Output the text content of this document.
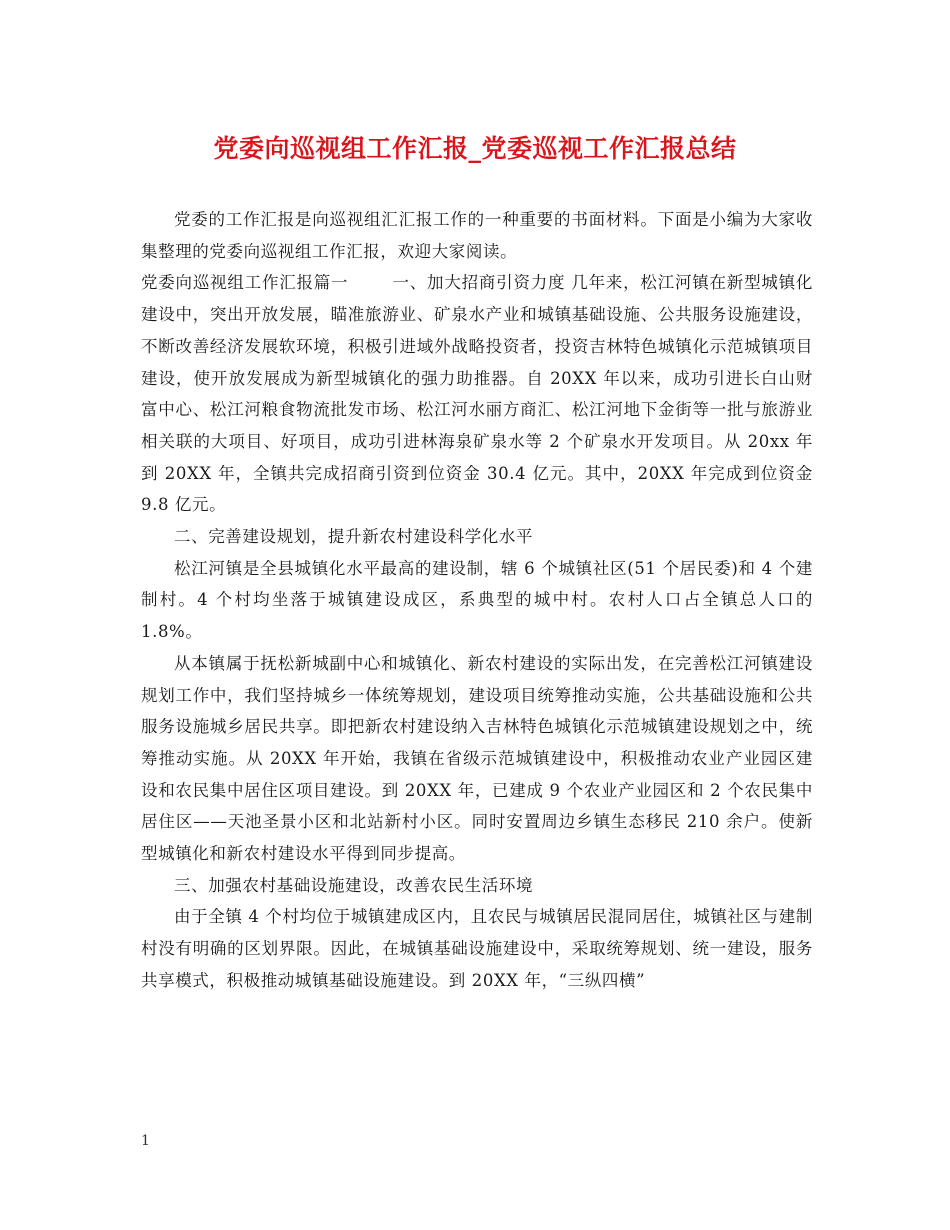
党委向巡视组工作汇报_党委巡视工作汇报总结

党委的工作汇报是向巡视组汇汇报工作的一种重要的书面材料。下面是小编为大家收集整理的党委向巡视组工作汇报，欢迎大家阅读。

党委向巡视组工作汇报篇一	一、加大招商引资力度 几年来，松江河镇在新型城镇化建设中，突出开放发展，瞄准旅游业、矿泉水产业和城镇基础设施、公共服务设施建设，不断改善经济发展软环境，积极引进域外战略投资者，投资吉林特色城镇化示范城镇项目建设，使开放发展成为新型城镇化的强力助推器。自 20XX 年以来，成功引进长白山财富中心、松江河粮食物流批发市场、松江河水丽方商汇、松江河地下金街等一批与旅游业相关联的大项目、好项目，成功引进林海泉矿泉水等 2 个矿泉水开发项目。从 20xx 年到 20XX 年，全镇共完成招商引资到位资金 30.4 亿元。其中，20XX 年完成到位资金 9.8 亿元。

二、完善建设规划，提升新农村建设科学化水平

松江河镇是全县城镇化水平最高的建设制，辖 6 个城镇社区(51 个居民委)和 4 个建制村。4 个村均坐落于城镇建设成区，系典型的城中村。农村人口占全镇总人口的 1.8%。

从本镇属于抚松新城副中心和城镇化、新农村建设的实际出发，在完善松江河镇建设规划工作中，我们坚持城乡一体统筹规划，建设项目统筹推动实施，公共基础设施和公共服务设施城乡居民共享。即把新农村建设纳入吉林特色城镇化示范城镇建设规划之中，统筹推动实施。从 20XX 年开始，我镇在省级示范城镇建设中，积极推动农业产业园区建设和农民集中居住区项目建设。到 20XX 年，已建成 9 个农业产业园区和 2 个农民集中居住区——天池圣景小区和北站新村小区。同时安置周边乡镇生态移民 210 余户。使新型城镇化和新农村建设水平得到同步提高。

三、加强农村基础设施建设，改善农民生活环境

由于全镇 4 个村均位于城镇建成区内，且农民与城镇居民混同居住，城镇社区与建制村没有明确的区划界限。因此，在城镇基础设施建设中，采取统筹规划、统一建设，服务共享模式，积极推动城镇基础设施建设。到 20XX 年，“三纵四横”

1
